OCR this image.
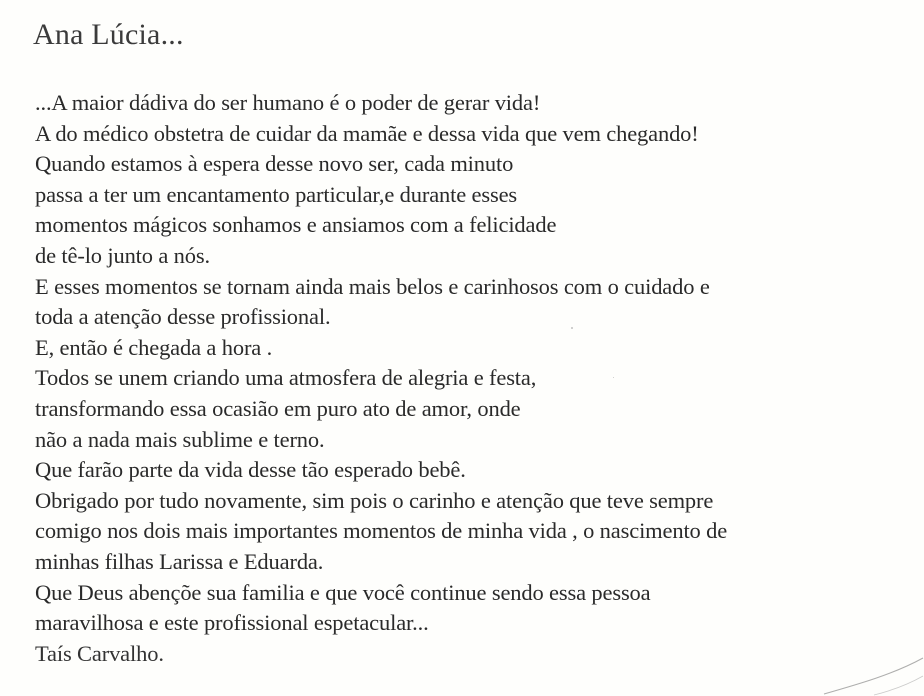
Ana Lúcia...
...A maior dádiva do ser humano é o poder de gerar vida!
A do médico obstetra de cuidar da mamãe e dessa vida que vem chegando!
Quando estamos à espera desse novo ser, cada minuto
passa a ter um encantamento particular,e durante esses
momentos mágicos sonhamos e ansiamos com a felicidade
de tê-lo junto a nós.
E esses momentos se tornam ainda mais belos e carinhosos com o cuidado e
toda a atenção desse profissional.
E, então é chegada a hora .
Todos se unem criando uma atmosfera de alegria e festa,
transformando essa ocasião em puro ato de amor, onde
não a nada mais sublime e terno.
Que farão parte da vida desse tão esperado bebê.
Obrigado por tudo novamente, sim pois o carinho e atenção que teve sempre
comigo nos dois mais importantes momentos de minha vida , o nascimento de
minhas filhas Larissa e Eduarda.
Que Deus abençõe sua familia e que você continue sendo essa pessoa
maravilhosa e este profissional espetacular...
Taís Carvalho.
